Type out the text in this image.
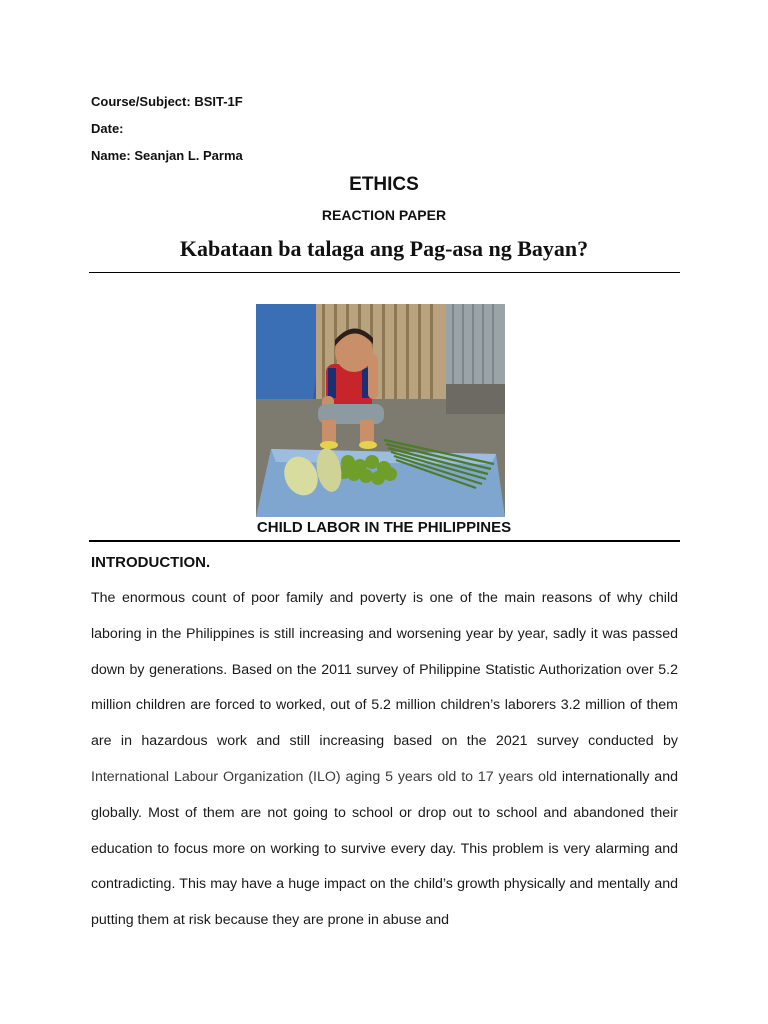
Course/Subject: BSIT-1F
Date:
Name: Seanjan L. Parma
ETHICS
REACTION PAPER
Kabataan ba talaga ang Pag-asa ng Bayan?
CHILD LABOR IN THE PHILIPPINES
INTRODUCTION.
The enormous count of poor family and poverty is one of the main reasons of why child laboring in the Philippines is still increasing and worsening year by year, sadly it was passed down by generations. Based on the 2011 survey of Philippine Statistic Authorization over 5.2 million children are forced to worked, out of 5.2 million children’s laborers 3.2 million of them are in hazardous work and still increasing based on the 2021 survey conducted by International Labour Organization (ILO) aging 5 years old to 17 years old internationally and globally. Most of them are not going to school or drop out to school and abandoned their education to focus more on working to survive every day. This problem is very alarming and contradicting. This may have a huge impact on the child’s growth physically and mentally and putting them at risk because they are prone in abuse and
